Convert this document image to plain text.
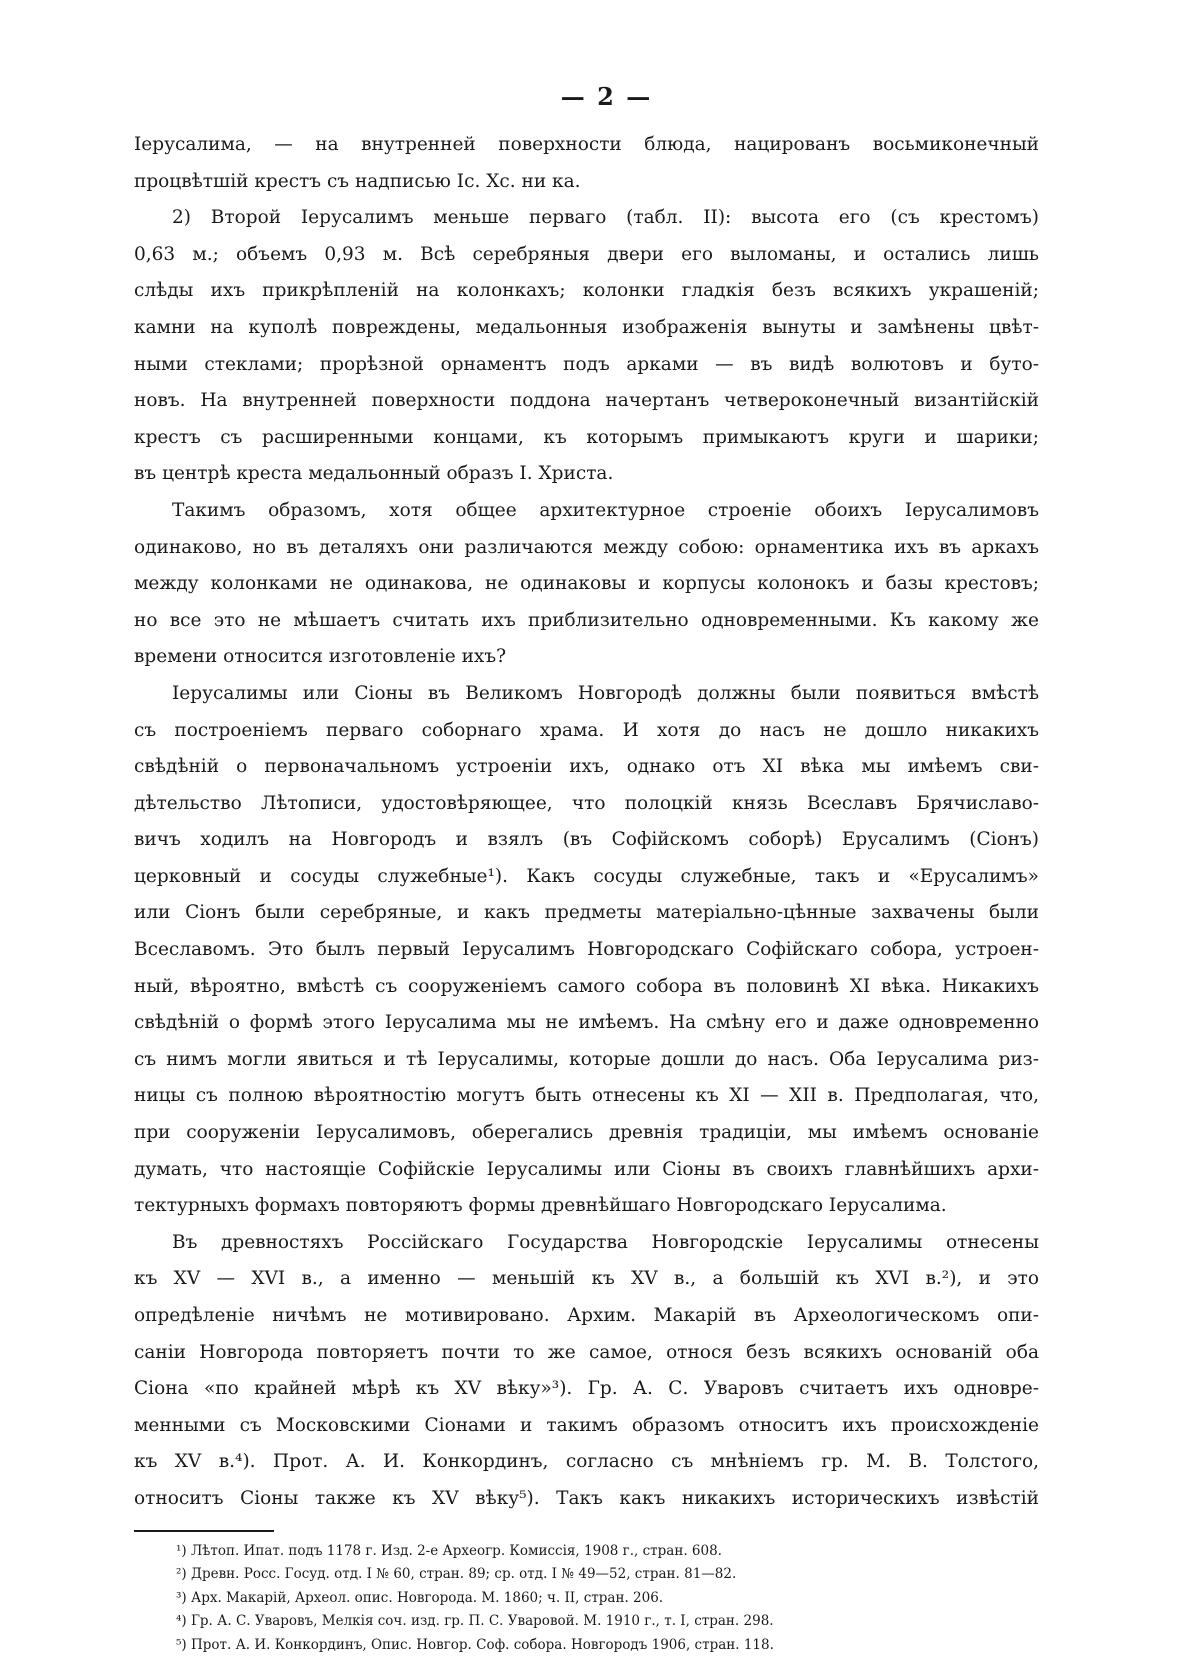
— 2 —
Іерусалима, — на внутренней поверхности блюда, нацированъ восьмиконечный
процвѣтшій крестъ съ надписью Іс. Хс. ни ка.
2) Второй Іерусалимъ меньше перваго (табл. II): высота его (съ крестомъ)
0,63 м.; объемъ 0,93 м. Всѣ серебряныя двери его выломаны, и остались лишь
слѣды ихъ прикрѣпленій на колонкахъ; колонки гладкія безъ всякихъ украшеній;
камни на куполѣ повреждены, медальонныя изображенія вынуты и замѣнены цвѣт-
ными стеклами; прорѣзной орнаментъ подъ арками — въ видѣ волютовъ и буто-
новъ. На внутренней поверхности поддона начертанъ четвероконечный византійскій
крестъ съ расширенными концами, къ которымъ примыкаютъ круги и шарики;
въ центрѣ креста медальонный образъ І. Христа.
Такимъ образомъ, хотя общее архитектурное строеніе обоихъ Іерусалимовъ
одинаково, но въ деталяхъ они различаются между собою: орнаментика ихъ въ аркахъ
между колонками не одинакова, не одинаковы и корпусы колонокъ и базы крестовъ;
но все это не мѣшаетъ считать ихъ приблизительно одновременными. Къ какому же
времени относится изготовленіе ихъ?
Іерусалимы или Сіоны въ Великомъ Новгородѣ должны были появиться вмѣстѣ
съ построеніемъ перваго соборнаго храма. И хотя до насъ не дошло никакихъ
свѣдѣній о первоначальномъ устроеніи ихъ, однако отъ XI вѣка мы имѣемъ сви-
дѣтельство Лѣтописи, удостовѣряющее, что полоцкій князь Всеславъ Брячиславо-
вичъ ходилъ на Новгородъ и взялъ (въ Софійскомъ соборѣ) Ерусалимъ (Сіонъ)
церковный и сосуды служебные¹). Какъ сосуды служебные, такъ и «Ерусалимъ»
или Сіонъ были серебряные, и какъ предметы матеріально-цѣнные захвачены были
Всеславомъ. Это былъ первый Іерусалимъ Новгородскаго Софійскаго собора, устроен-
ный, вѣроятно, вмѣстѣ съ сооруженіемъ самого собора въ половинѣ XI вѣка. Никакихъ
свѣдѣній о формѣ этого Іерусалима мы не имѣемъ. На смѣну его и даже одновременно
съ нимъ могли явиться и тѣ Іерусалимы, которые дошли до насъ. Оба Іерусалима риз-
ницы съ полною вѣроятностію могутъ быть отнесены къ XI — XII в. Предполагая, что,
при сооруженіи Іерусалимовъ, оберегались древнія традиціи, мы имѣемъ основаніе
думать, что настоящіе Софійскіе Іерусалимы или Сіоны въ своихъ главнѣйшихъ архи-
тектурныхъ формахъ повторяютъ формы древнѣйшаго Новгородскаго Іерусалима.
Въ древностяхъ Россійскаго Государства Новгородскіе Іерусалимы отнесены
къ XV — XVI в., а именно — меньшій къ XV в., а большій къ XVI в.²), и это
опредѣленіе ничѣмъ не мотивировано. Архим. Макарій въ Археологическомъ опи-
саніи Новгорода повторяетъ почти то же самое, относя безъ всякихъ основаній оба
Сіона «по крайней мѣрѣ къ XV вѣку»³). Гр. А. С. Уваровъ считаетъ ихъ одновре-
менными съ Московскими Сіонами и такимъ образомъ относитъ ихъ происхожденіе
къ XV в.⁴). Прот. А. И. Конкординъ, согласно съ мнѣніемъ гр. М. В. Толстого,
относитъ Сіоны также къ XV вѣку⁵). Такъ какъ никакихъ историческихъ извѣстій
¹) Лѣтоп. Ипат. подъ 1178 г. Изд. 2-е Археогр. Комиссія, 1908 г., стран. 608.
²) Древн. Росс. Госуд. отд. I № 60, стран. 89; ср. отд. I № 49—52, стран. 81—82.
³) Арх. Макарій, Археол. опис. Новгорода. М. 1860; ч. II, стран. 206.
⁴) Гр. А. С. Уваровъ, Мелкія соч. изд. гр. П. С. Уваровой. М. 1910 г., т. I, стран. 298.
⁵) Прот. А. И. Конкординъ, Опис. Новгор. Соф. собора. Новгородъ 1906, стран. 118.
